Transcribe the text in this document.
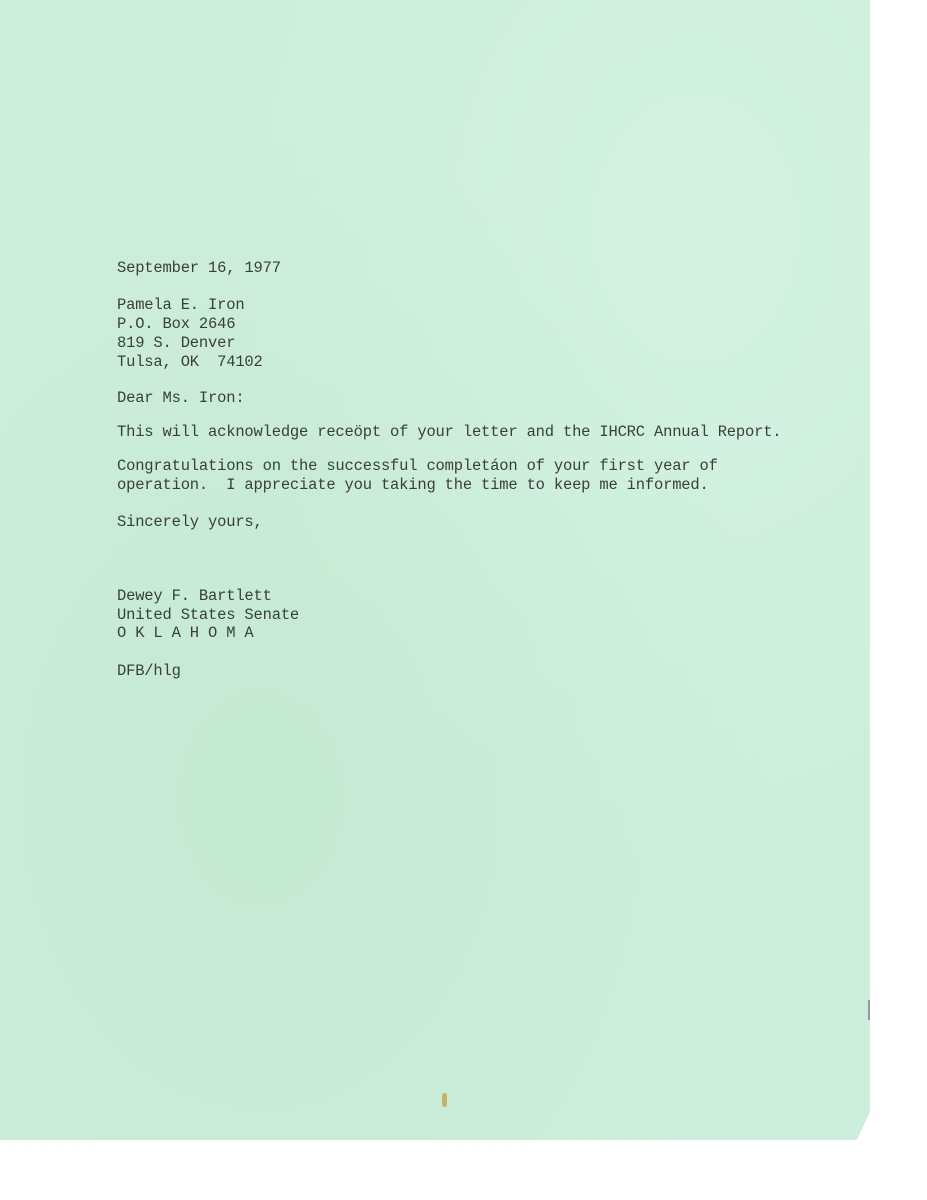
September 16, 1977
Pamela E. Iron
P.O. Box 2646
819 S. Denver
Tulsa, OK  74102
Dear Ms. Iron:
This will acknowledge receöpt of your letter and the IHCRC Annual Report.
Congratulations on the successful completáon of your first year of
operation.  I appreciate you taking the time to keep me informed.
Sincerely yours,
Dewey F. Bartlett
United States Senate
O K L A H O M A
DFB/hlg
